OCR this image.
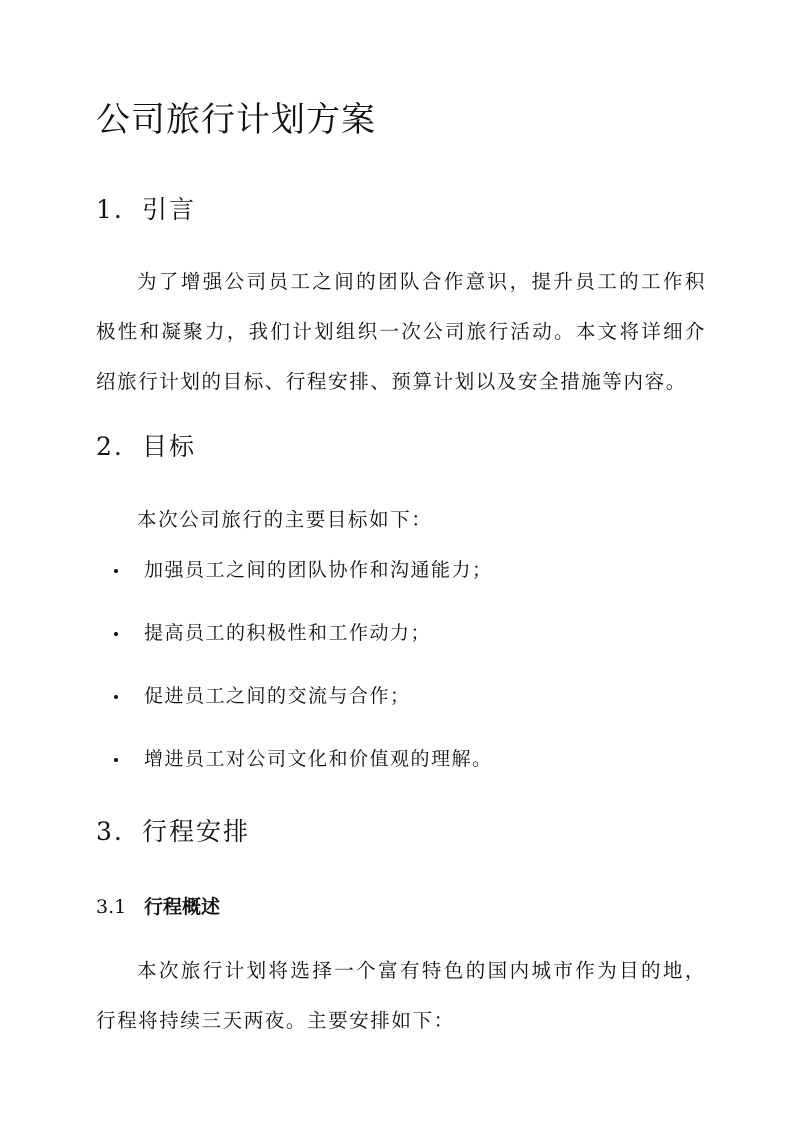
公司旅行计划方案
1. 引言

为了增强公司员工之间的团队合作意识，提升员工的工作积极性和凝聚力，我们计划组织一次公司旅行活动。本文将详细介绍旅行计划的目标、行程安排、预算计划以及安全措施等内容。

2. 目标

本次公司旅行的主要目标如下：

加强员工之间的团队协作和沟通能力；
提高员工的积极性和工作动力；
促进员工之间的交流与合作；
增进员工对公司文化和价值观的理解。
3. 行程安排
3.1 行程概述

本次旅行计划将选择一个富有特色的国内城市作为目的地，行程将持续三天两夜。主要安排如下：
